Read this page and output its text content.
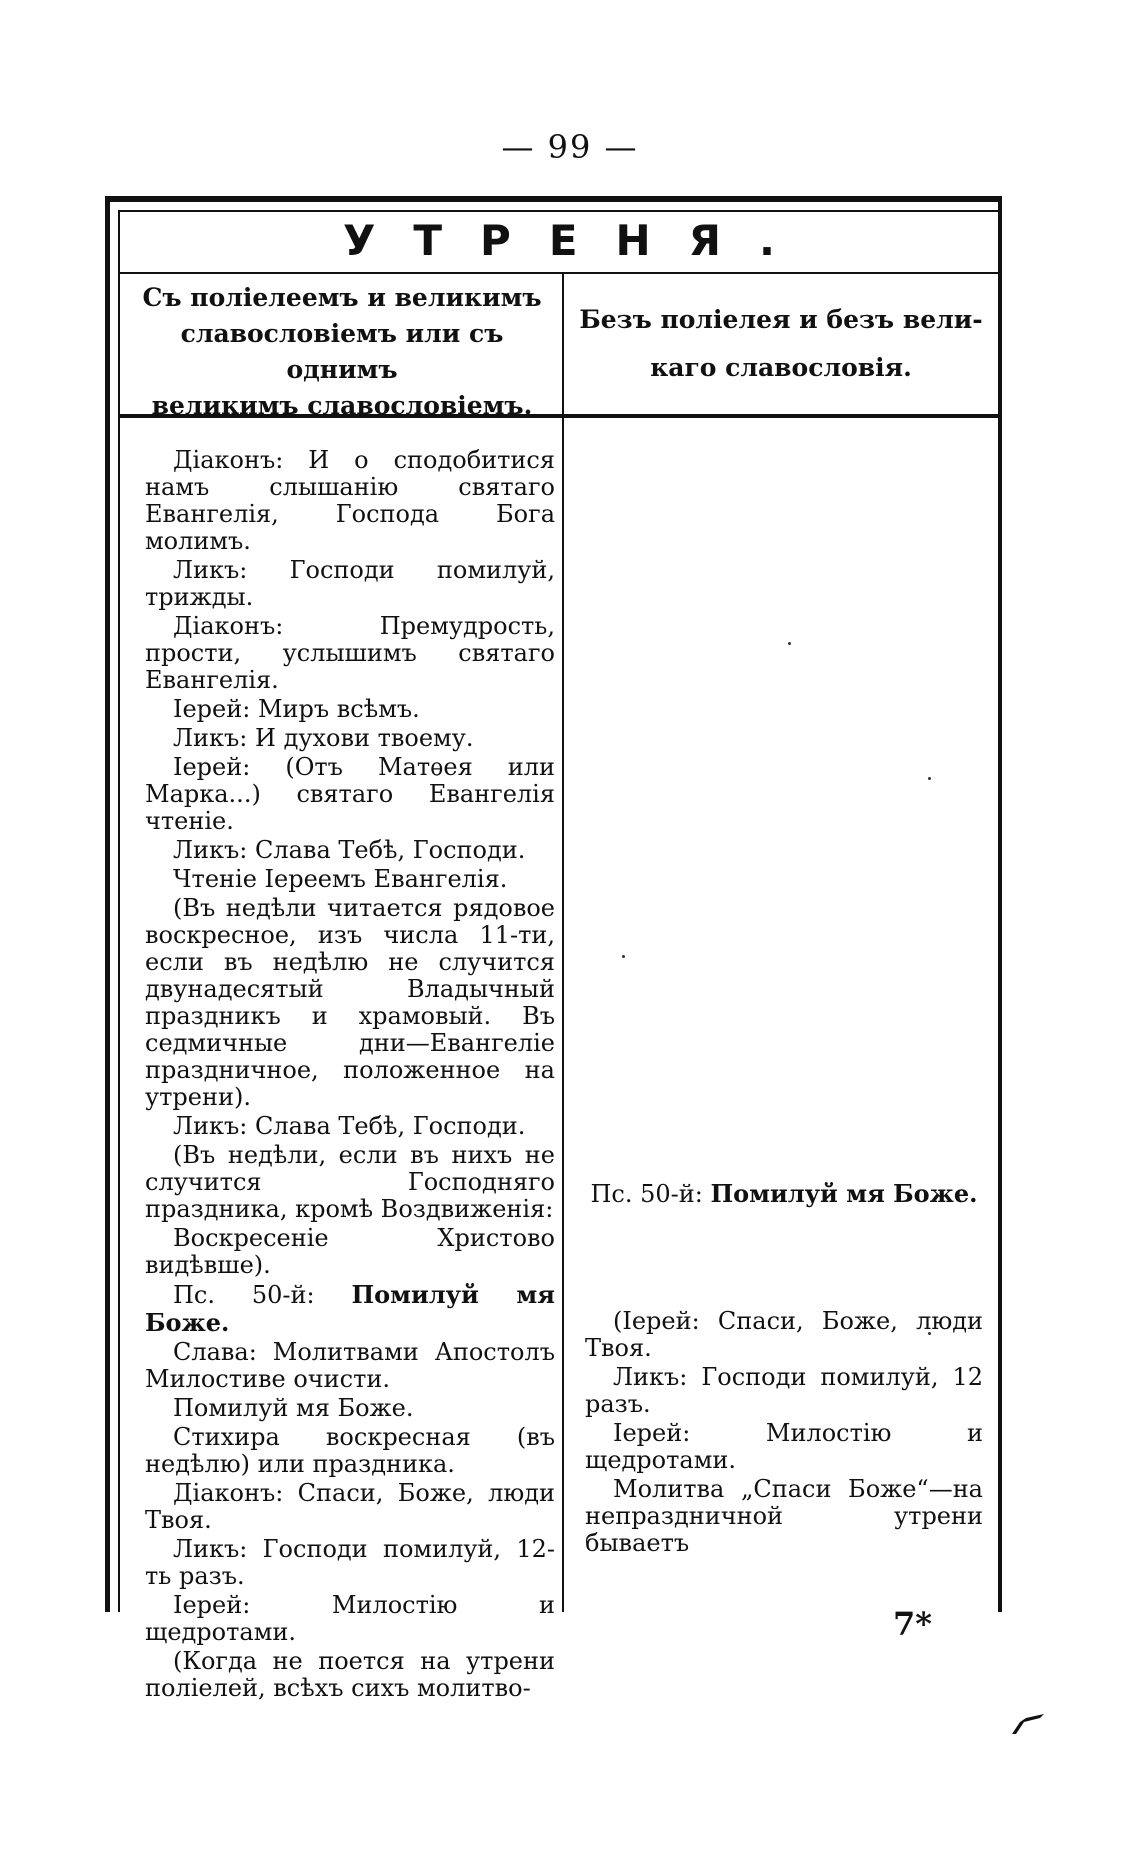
— 99 —
УТРЕНЯ.
Съ полiелеемъ и великимъ
славословiемъ или съ однимъ
великимъ славословiемъ.
Безъ полiелея и безъ вели-
каго славословiя.

Дiаконъ: И о сподобитися намъ слышанiю святаго Евангелiя, Господа Бога молимъ.

Ликъ: Господи помилуй, трижды.

Дiаконъ: Премудрость, прости, услышимъ святаго Евангелiя.

Iерей: Миръ всѣмъ.

Ликъ: И духови твоему.

Iерей: (Отъ Матѳея или Марка...) святаго Евангелiя чтенiе.

Ликъ: Слава Тебѣ, Господи.

Чтенiе Iереемъ Евангелiя.

(Въ недѣли читается рядовое воскресное, изъ числа 11-ти, если въ недѣлю не случится двунадесятый Владычный праздникъ и храмовый. Въ седмичные дни—Евангелiе праздничное, положенное на утрени).

Ликъ: Слава Тебѣ, Господи.

(Въ недѣли, если въ нихъ не случится Господняго праздника, кромѣ Воздвиженiя:

Воскресенiе Христово видѣвше).

Пс. 50-й: Помилуй мя Боже.

Слава: Молитвами Апостолъ Милостиве очисти.

Помилуй мя Боже.

Стихира воскресная (въ недѣлю) или праздника.

Дiаконъ: Спаси, Боже, люди Твоя.

Ликъ: Господи помилуй, 12-ть разъ.

Iерей: Милостiю и щедротами.

(Когда не поется на утрени полiелей, всѣхъ сихъ молитво-

Пс. 50-й: Помилуй мя Боже.

(Iерей: Спаси, Боже, люди Твоя.

Ликъ: Господи помилуй, 12 разъ.

Iерей: Милостiю и щедротами.

Молитва „Спаси Боже“—на непраздничной утрени бываетъ

7*
